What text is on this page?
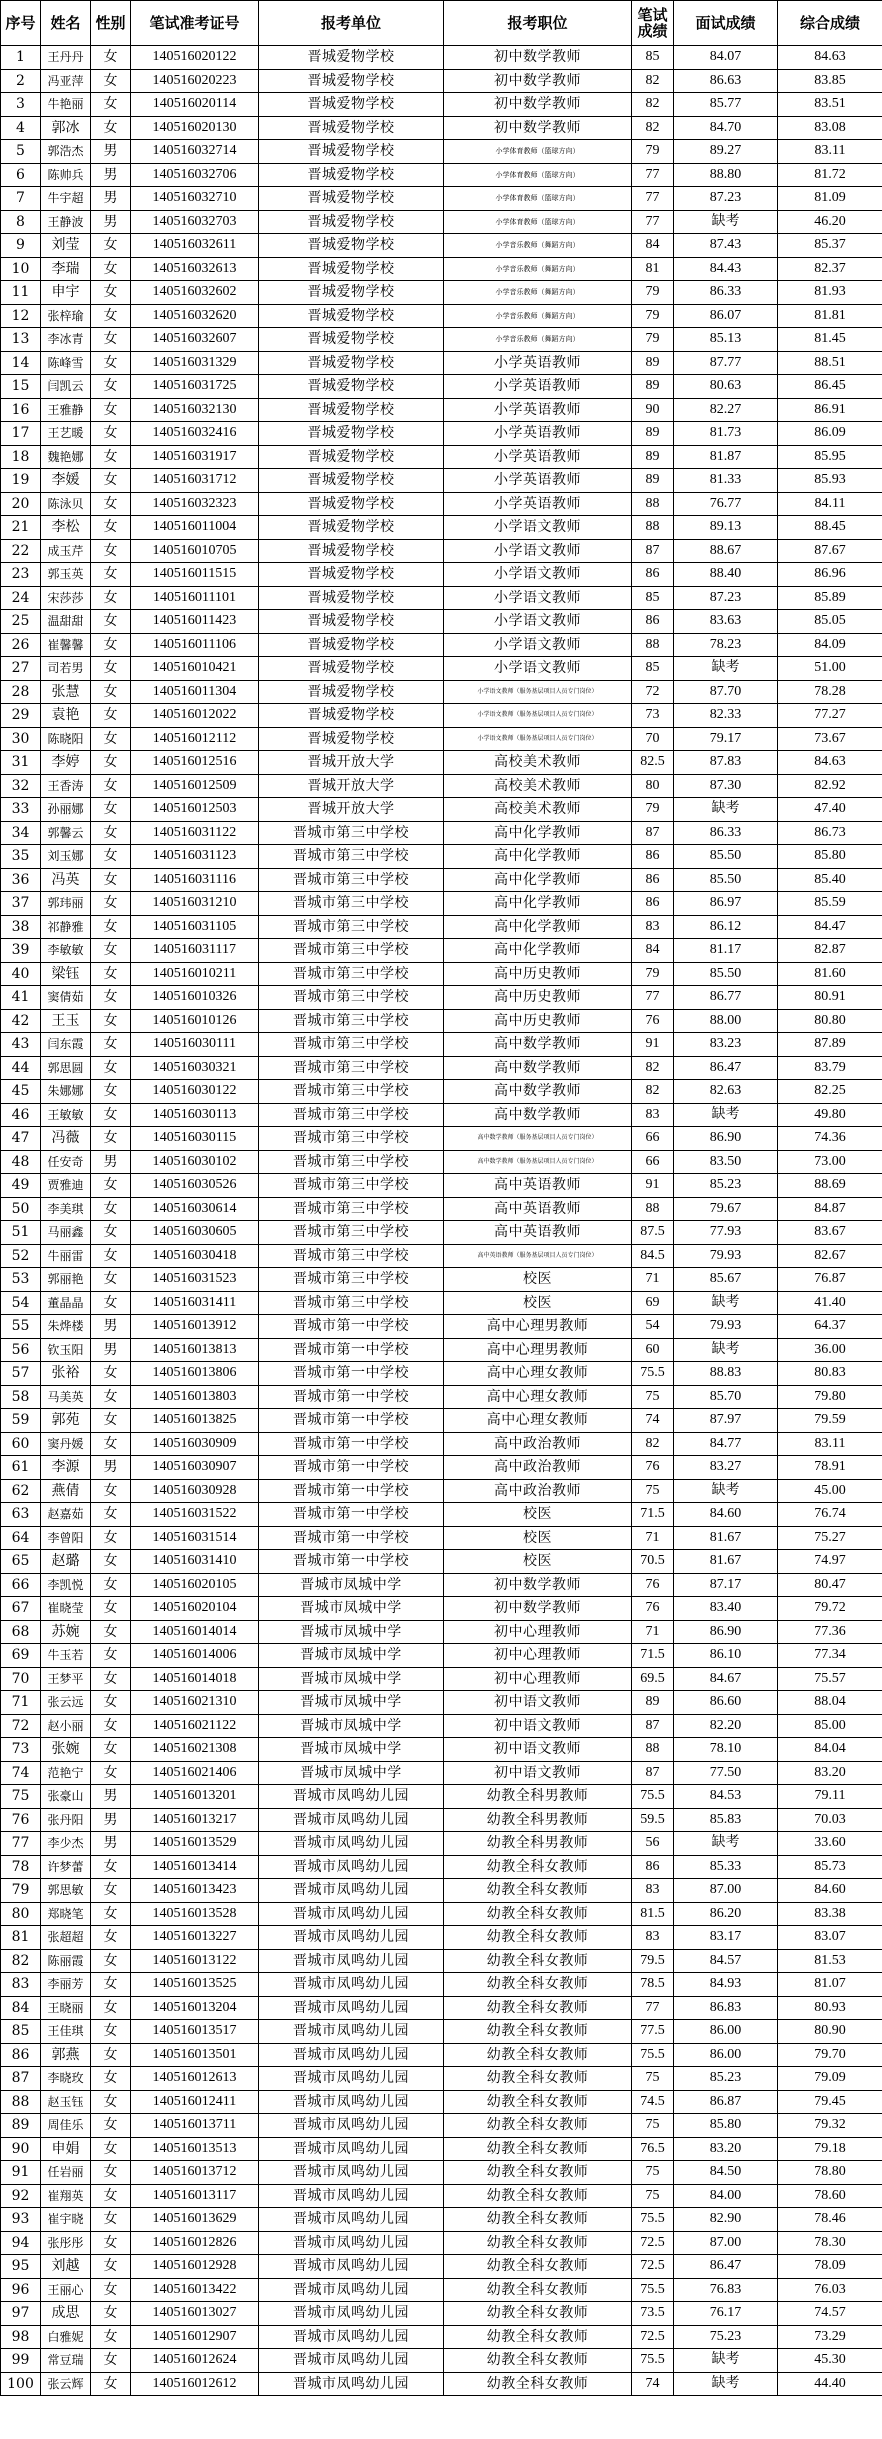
序号	姓名	性别	笔试准考证号	报考单位	报考职位	笔试成绩	面试成绩	综合成绩
1	王丹丹	女	140516020122	晋城爱物学校	初中数学教师	85	84.07	84.63
2	冯亚萍	女	140516020223	晋城爱物学校	初中数学教师	82	86.63	83.85
3	牛艳丽	女	140516020114	晋城爱物学校	初中数学教师	82	85.77	83.51
4	郭冰	女	140516020130	晋城爱物学校	初中数学教师	82	84.70	83.08
5	郭浩杰	男	140516032714	晋城爱物学校	小学体育教师（篮球方向）	79	89.27	83.11
6	陈帅兵	男	140516032706	晋城爱物学校	小学体育教师（篮球方向）	77	88.80	81.72
7	牛宇超	男	140516032710	晋城爱物学校	小学体育教师（篮球方向）	77	87.23	81.09
8	王静波	男	140516032703	晋城爱物学校	小学体育教师（篮球方向）	77	缺考	46.20
9	刘莹	女	140516032611	晋城爱物学校	小学音乐教师（舞蹈方向）	84	87.43	85.37
10	李瑞	女	140516032613	晋城爱物学校	小学音乐教师（舞蹈方向）	81	84.43	82.37
11	申宇	女	140516032602	晋城爱物学校	小学音乐教师（舞蹈方向）	79	86.33	81.93
12	张梓瑜	女	140516032620	晋城爱物学校	小学音乐教师（舞蹈方向）	79	86.07	81.81
13	李冰青	女	140516032607	晋城爱物学校	小学音乐教师（舞蹈方向）	79	85.13	81.45
14	陈峰雪	女	140516031329	晋城爱物学校	小学英语教师	89	87.77	88.51
15	闫凯云	女	140516031725	晋城爱物学校	小学英语教师	89	80.63	86.45
16	王雅静	女	140516032130	晋城爱物学校	小学英语教师	90	82.27	86.91
17	王艺暖	女	140516032416	晋城爱物学校	小学英语教师	89	81.73	86.09
18	魏艳娜	女	140516031917	晋城爱物学校	小学英语教师	89	81.87	85.95
19	李媛	女	140516031712	晋城爱物学校	小学英语教师	89	81.33	85.93
20	陈泳贝	女	140516032323	晋城爱物学校	小学英语教师	88	76.77	84.11
21	李松	女	140516011004	晋城爱物学校	小学语文教师	88	89.13	88.45
22	成玉芹	女	140516010705	晋城爱物学校	小学语文教师	87	88.67	87.67
23	郭玉英	女	140516011515	晋城爱物学校	小学语文教师	86	88.40	86.96
24	宋莎莎	女	140516011101	晋城爱物学校	小学语文教师	85	87.23	85.89
25	温甜甜	女	140516011423	晋城爱物学校	小学语文教师	86	83.63	85.05
26	崔馨馨	女	140516011106	晋城爱物学校	小学语文教师	88	78.23	84.09
27	司若男	女	140516010421	晋城爱物学校	小学语文教师	85	缺考	51.00
28	张慧	女	140516011304	晋城爱物学校	小学语文教师（服务基层项目人员专门岗位）	72	87.70	78.28
29	袁艳	女	140516012022	晋城爱物学校	小学语文教师（服务基层项目人员专门岗位）	73	82.33	77.27
30	陈晓阳	女	140516012112	晋城爱物学校	小学语文教师（服务基层项目人员专门岗位）	70	79.17	73.67
31	李婷	女	140516012516	晋城开放大学	高校美术教师	82.5	87.83	84.63
32	王香涛	女	140516012509	晋城开放大学	高校美术教师	80	87.30	82.92
33	孙丽娜	女	140516012503	晋城开放大学	高校美术教师	79	缺考	47.40
34	郭馨云	女	140516031122	晋城市第三中学校	高中化学教师	87	86.33	86.73
35	刘玉娜	女	140516031123	晋城市第三中学校	高中化学教师	86	85.50	85.80
36	冯英	女	140516031116	晋城市第三中学校	高中化学教师	86	85.50	85.40
37	郭玮丽	女	140516031210	晋城市第三中学校	高中化学教师	86	86.97	85.59
38	祁静雅	女	140516031105	晋城市第三中学校	高中化学教师	83	86.12	84.47
39	李敏敏	女	140516031117	晋城市第三中学校	高中化学教师	84	81.17	82.87
40	梁钰	女	140516010211	晋城市第三中学校	高中历史教师	79	85.50	81.60
41	窦倩茹	女	140516010326	晋城市第三中学校	高中历史教师	77	86.77	80.91
42	王玉	女	140516010126	晋城市第三中学校	高中历史教师	76	88.00	80.80
43	闫东霞	女	140516030111	晋城市第三中学校	高中数学教师	91	83.23	87.89
44	郭思圆	女	140516030321	晋城市第三中学校	高中数学教师	82	86.47	83.79
45	朱娜娜	女	140516030122	晋城市第三中学校	高中数学教师	82	82.63	82.25
46	王敏敏	女	140516030113	晋城市第三中学校	高中数学教师	83	缺考	49.80
47	冯薇	女	140516030115	晋城市第三中学校	高中数学教师（服务基层项目人员专门岗位）	66	86.90	74.36
48	任安奇	男	140516030102	晋城市第三中学校	高中数学教师（服务基层项目人员专门岗位）	66	83.50	73.00
49	贾雅迪	女	140516030526	晋城市第三中学校	高中英语教师	91	85.23	88.69
50	李美琪	女	140516030614	晋城市第三中学校	高中英语教师	88	79.67	84.87
51	马丽鑫	女	140516030605	晋城市第三中学校	高中英语教师	87.5	77.93	83.67
52	牛丽雷	女	140516030418	晋城市第三中学校	高中英语教师（服务基层项目人员专门岗位）	84.5	79.93	82.67
53	郭丽艳	女	140516031523	晋城市第三中学校	校医	71	85.67	76.87
54	董晶晶	女	140516031411	晋城市第三中学校	校医	69	缺考	41.40
55	朱烨楼	男	140516013912	晋城市第一中学校	高中心理男教师	54	79.93	64.37
56	钦玉阳	男	140516013813	晋城市第一中学校	高中心理男教师	60	缺考	36.00
57	张裕	女	140516013806	晋城市第一中学校	高中心理女教师	75.5	88.83	80.83
58	马美英	女	140516013803	晋城市第一中学校	高中心理女教师	75	85.70	79.80
59	郭苑	女	140516013825	晋城市第一中学校	高中心理女教师	74	87.97	79.59
60	窦丹媛	女	140516030909	晋城市第一中学校	高中政治教师	82	84.77	83.11
61	李源	男	140516030907	晋城市第一中学校	高中政治教师	76	83.27	78.91
62	燕倩	女	140516030928	晋城市第一中学校	高中政治教师	75	缺考	45.00
63	赵嘉茹	女	140516031522	晋城市第一中学校	校医	71.5	84.60	76.74
64	李曾阳	女	140516031514	晋城市第一中学校	校医	71	81.67	75.27
65	赵璐	女	140516031410	晋城市第一中学校	校医	70.5	81.67	74.97
66	李凯悦	女	140516020105	晋城市凤城中学	初中数学教师	76	87.17	80.47
67	崔晓莹	女	140516020104	晋城市凤城中学	初中数学教师	76	83.40	79.72
68	苏婉	女	140516014014	晋城市凤城中学	初中心理教师	71	86.90	77.36
69	牛玉若	女	140516014006	晋城市凤城中学	初中心理教师	71.5	86.10	77.34
70	王梦平	女	140516014018	晋城市凤城中学	初中心理教师	69.5	84.67	75.57
71	张云远	女	140516021310	晋城市凤城中学	初中语文教师	89	86.60	88.04
72	赵小丽	女	140516021122	晋城市凤城中学	初中语文教师	87	82.20	85.00
73	张婉	女	140516021308	晋城市凤城中学	初中语文教师	88	78.10	84.04
74	范艳宁	女	140516021406	晋城市凤城中学	初中语文教师	87	77.50	83.20
75	张豪山	男	140516013201	晋城市凤鸣幼儿园	幼教全科男教师	75.5	84.53	79.11
76	张丹阳	男	140516013217	晋城市凤鸣幼儿园	幼教全科男教师	59.5	85.83	70.03
77	李少杰	男	140516013529	晋城市凤鸣幼儿园	幼教全科男教师	56	缺考	33.60
78	许梦蕾	女	140516013414	晋城市凤鸣幼儿园	幼教全科女教师	86	85.33	85.73
79	郭思敏	女	140516013423	晋城市凤鸣幼儿园	幼教全科女教师	83	87.00	84.60
80	郑晓笔	女	140516013528	晋城市凤鸣幼儿园	幼教全科女教师	81.5	86.20	83.38
81	张超超	女	140516013227	晋城市凤鸣幼儿园	幼教全科女教师	83	83.17	83.07
82	陈丽霞	女	140516013122	晋城市凤鸣幼儿园	幼教全科女教师	79.5	84.57	81.53
83	李丽芳	女	140516013525	晋城市凤鸣幼儿园	幼教全科女教师	78.5	84.93	81.07
84	王晓丽	女	140516013204	晋城市凤鸣幼儿园	幼教全科女教师	77	86.83	80.93
85	王佳琪	女	140516013517	晋城市凤鸣幼儿园	幼教全科女教师	77.5	86.00	80.90
86	郭燕	女	140516013501	晋城市凤鸣幼儿园	幼教全科女教师	75.5	86.00	79.70
87	李晓玫	女	140516012613	晋城市凤鸣幼儿园	幼教全科女教师	75	85.23	79.09
88	赵玉钰	女	140516012411	晋城市凤鸣幼儿园	幼教全科女教师	74.5	86.87	79.45
89	周佳乐	女	140516013711	晋城市凤鸣幼儿园	幼教全科女教师	75	85.80	79.32
90	申娟	女	140516013513	晋城市凤鸣幼儿园	幼教全科女教师	76.5	83.20	79.18
91	任岩丽	女	140516013712	晋城市凤鸣幼儿园	幼教全科女教师	75	84.50	78.80
92	崔翔英	女	140516013117	晋城市凤鸣幼儿园	幼教全科女教师	75	84.00	78.60
93	崔宇晓	女	140516013629	晋城市凤鸣幼儿园	幼教全科女教师	75.5	82.90	78.46
94	张彤彤	女	140516012826	晋城市凤鸣幼儿园	幼教全科女教师	72.5	87.00	78.30
95	刘越	女	140516012928	晋城市凤鸣幼儿园	幼教全科女教师	72.5	86.47	78.09
96	王丽心	女	140516013422	晋城市凤鸣幼儿园	幼教全科女教师	75.5	76.83	76.03
97	成思	女	140516013027	晋城市凤鸣幼儿园	幼教全科女教师	73.5	76.17	74.57
98	白雅妮	女	140516012907	晋城市凤鸣幼儿园	幼教全科女教师	72.5	75.23	73.29
99	常豆瑞	女	140516012624	晋城市凤鸣幼儿园	幼教全科女教师	75.5	缺考	45.30
100	张云辉	女	140516012612	晋城市凤鸣幼儿园	幼教全科女教师	74	缺考	44.40
